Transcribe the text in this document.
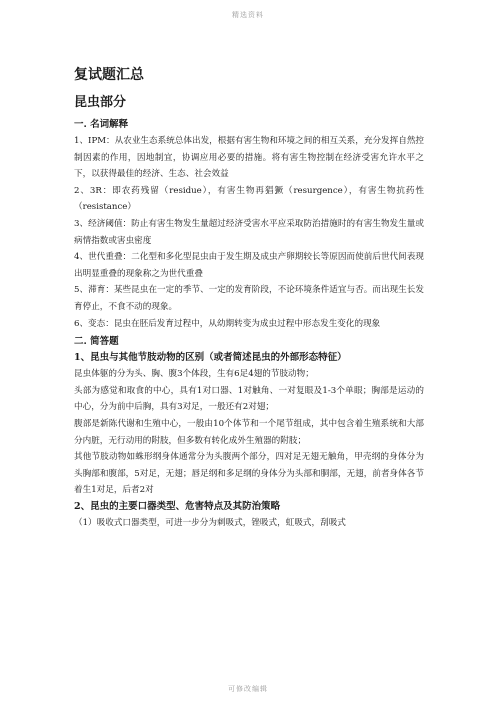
精选资料
复试题汇总
昆虫部分

一. 名词解释

1、IPM：从农业生态系统总体出发，根据有害生物和环境之间的相互关系，充分发挥自然控制因素的作用，因地制宜，协调应用必要的措施。将有害生物控制在经济受害允许水平之下，以获得最佳的经济、生态、社会效益

2、3R：即农药残留（residue），有害生物再猖獗（resurgence），有害生物抗药性（resistance）

3、经济阈值：防止有害生物发生量超过经济受害水平应采取防治措施时的有害生物发生量或病情指数或害虫密度

4、世代重叠：二化型和多化型昆虫由于发生期及成虫产卵期较长等原因而使前后世代间表现出明显重叠的现象称之为世代重叠

5、滞育：某些昆虫在一定的季节、一定的发育阶段，不论环境条件适宜与否。而出现生长发育停止，不食不动的现象。

6、变态：昆虫在胚后发育过程中，从幼期转变为成虫过程中形态发生变化的现象

二. 简答题

1、昆虫与其他节肢动物的区别（或者简述昆虫的外部形态特征）

昆虫体躯的分为头、胸、腹3个体段，生有6足4翅的节肢动物；

头部为感觉和取食的中心，具有1对口器、1对触角、一对复眼及1-3个单眼；胸部是运动的中心，分为前中后胸，具有3对足，一般还有2对翅；

腹部是新陈代谢和生殖中心，一般由10个体节和一个尾节组成，其中包含着生殖系统和大部分内脏，无行动用的附肢，但多数有转化成外生殖器的附肢；

其他节肢动物如蛛形纲身体通常分为头腹两个部分，四对足无翅无触角，甲壳纲的身体分为头胸部和腹部，5对足，无翅；唇足纲和多足纲的身体分为头部和胴部，无翅，前者身体各节着生1对足，后者2对

2、昆虫的主要口器类型、危害特点及其防治策略

（1）吸收式口器类型，可进一步分为刺吸式，锉吸式，虹吸式，刮吸式

可修改编辑
